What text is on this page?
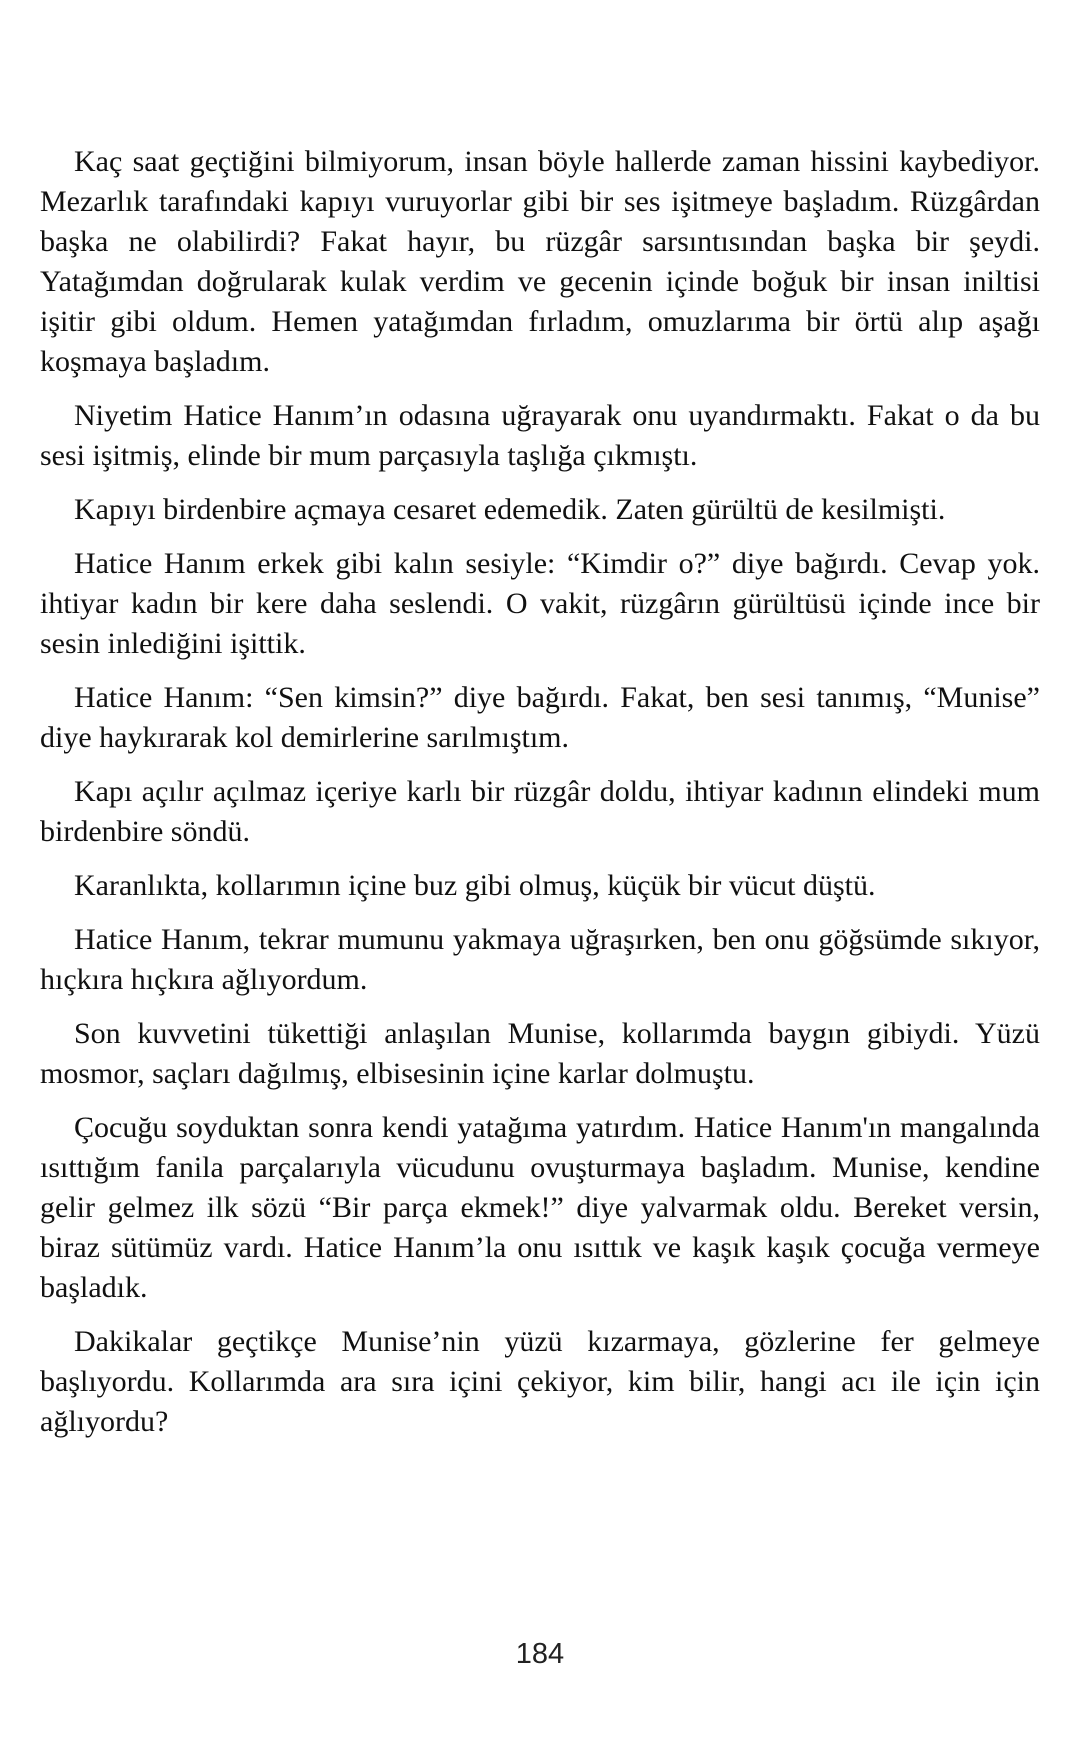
Kaç saat geçtiğini bilmiyorum, insan böyle hallerde zaman hissini kaybediyor. Mezarlık tarafındaki kapıyı vuruyorlar gibi bir ses işitmeye başladım. Rüzgârdan başka ne olabilirdi? Fakat hayır, bu rüzgâr sarsıntısından başka bir şeydi. Yatağımdan doğrularak kulak verdim ve gecenin içinde boğuk bir insan iniltisi işitir gibi oldum. Hemen yatağımdan fırladım, omuzlarıma bir örtü alıp aşağı koşmaya başladım.

Niyetim Hatice Hanım’ın odasına uğrayarak onu uyandırmaktı. Fakat o da bu sesi işitmiş, elinde bir mum parçasıyla taşlığa çıkmıştı.

Kapıyı birdenbire açmaya cesaret edemedik. Zaten gürültü de kesilmişti.

Hatice Hanım erkek gibi kalın sesiyle: “Kimdir o?” diye bağırdı. Cevap yok. ihtiyar kadın bir kere daha seslendi. O vakit, rüzgârın gürültüsü içinde ince bir sesin inlediğini işittik.

Hatice Hanım: “Sen kimsin?” diye bağırdı. Fakat, ben sesi tanımış, “Munise” diye haykırarak kol demirlerine sarılmıştım.

Kapı açılır açılmaz içeriye karlı bir rüzgâr doldu, ihtiyar kadının elindeki mum birdenbire söndü.

Karanlıkta, kollarımın içine buz gibi olmuş, küçük bir vücut düştü.

Hatice Hanım, tekrar mumunu yakmaya uğraşırken, ben onu göğsümde sıkıyor, hıçkıra hıçkıra ağlıyordum.

Son kuvvetini tükettiği anlaşılan Munise, kollarımda baygın gibiydi. Yüzü mosmor, saçları dağılmış, elbisesinin içine karlar dolmuştu.

Çocuğu soyduktan sonra kendi yatağıma yatırdım. Hatice Hanım'ın mangalında ısıttığım fanila parçalarıyla vücudunu ovuşturmaya başladım. Munise, kendine gelir gelmez ilk sözü “Bir parça ekmek!” diye yalvarmak oldu. Bereket versin, biraz sütümüz vardı. Hatice Hanım’la onu ısıttık ve kaşık kaşık çocuğa vermeye başladık.

Dakikalar geçtikçe Munise’nin yüzü kızarmaya, gözlerine fer gelmeye başlıyordu. Kollarımda ara sıra içini çekiyor, kim bilir, hangi acı ile için için ağlıyordu?

184
